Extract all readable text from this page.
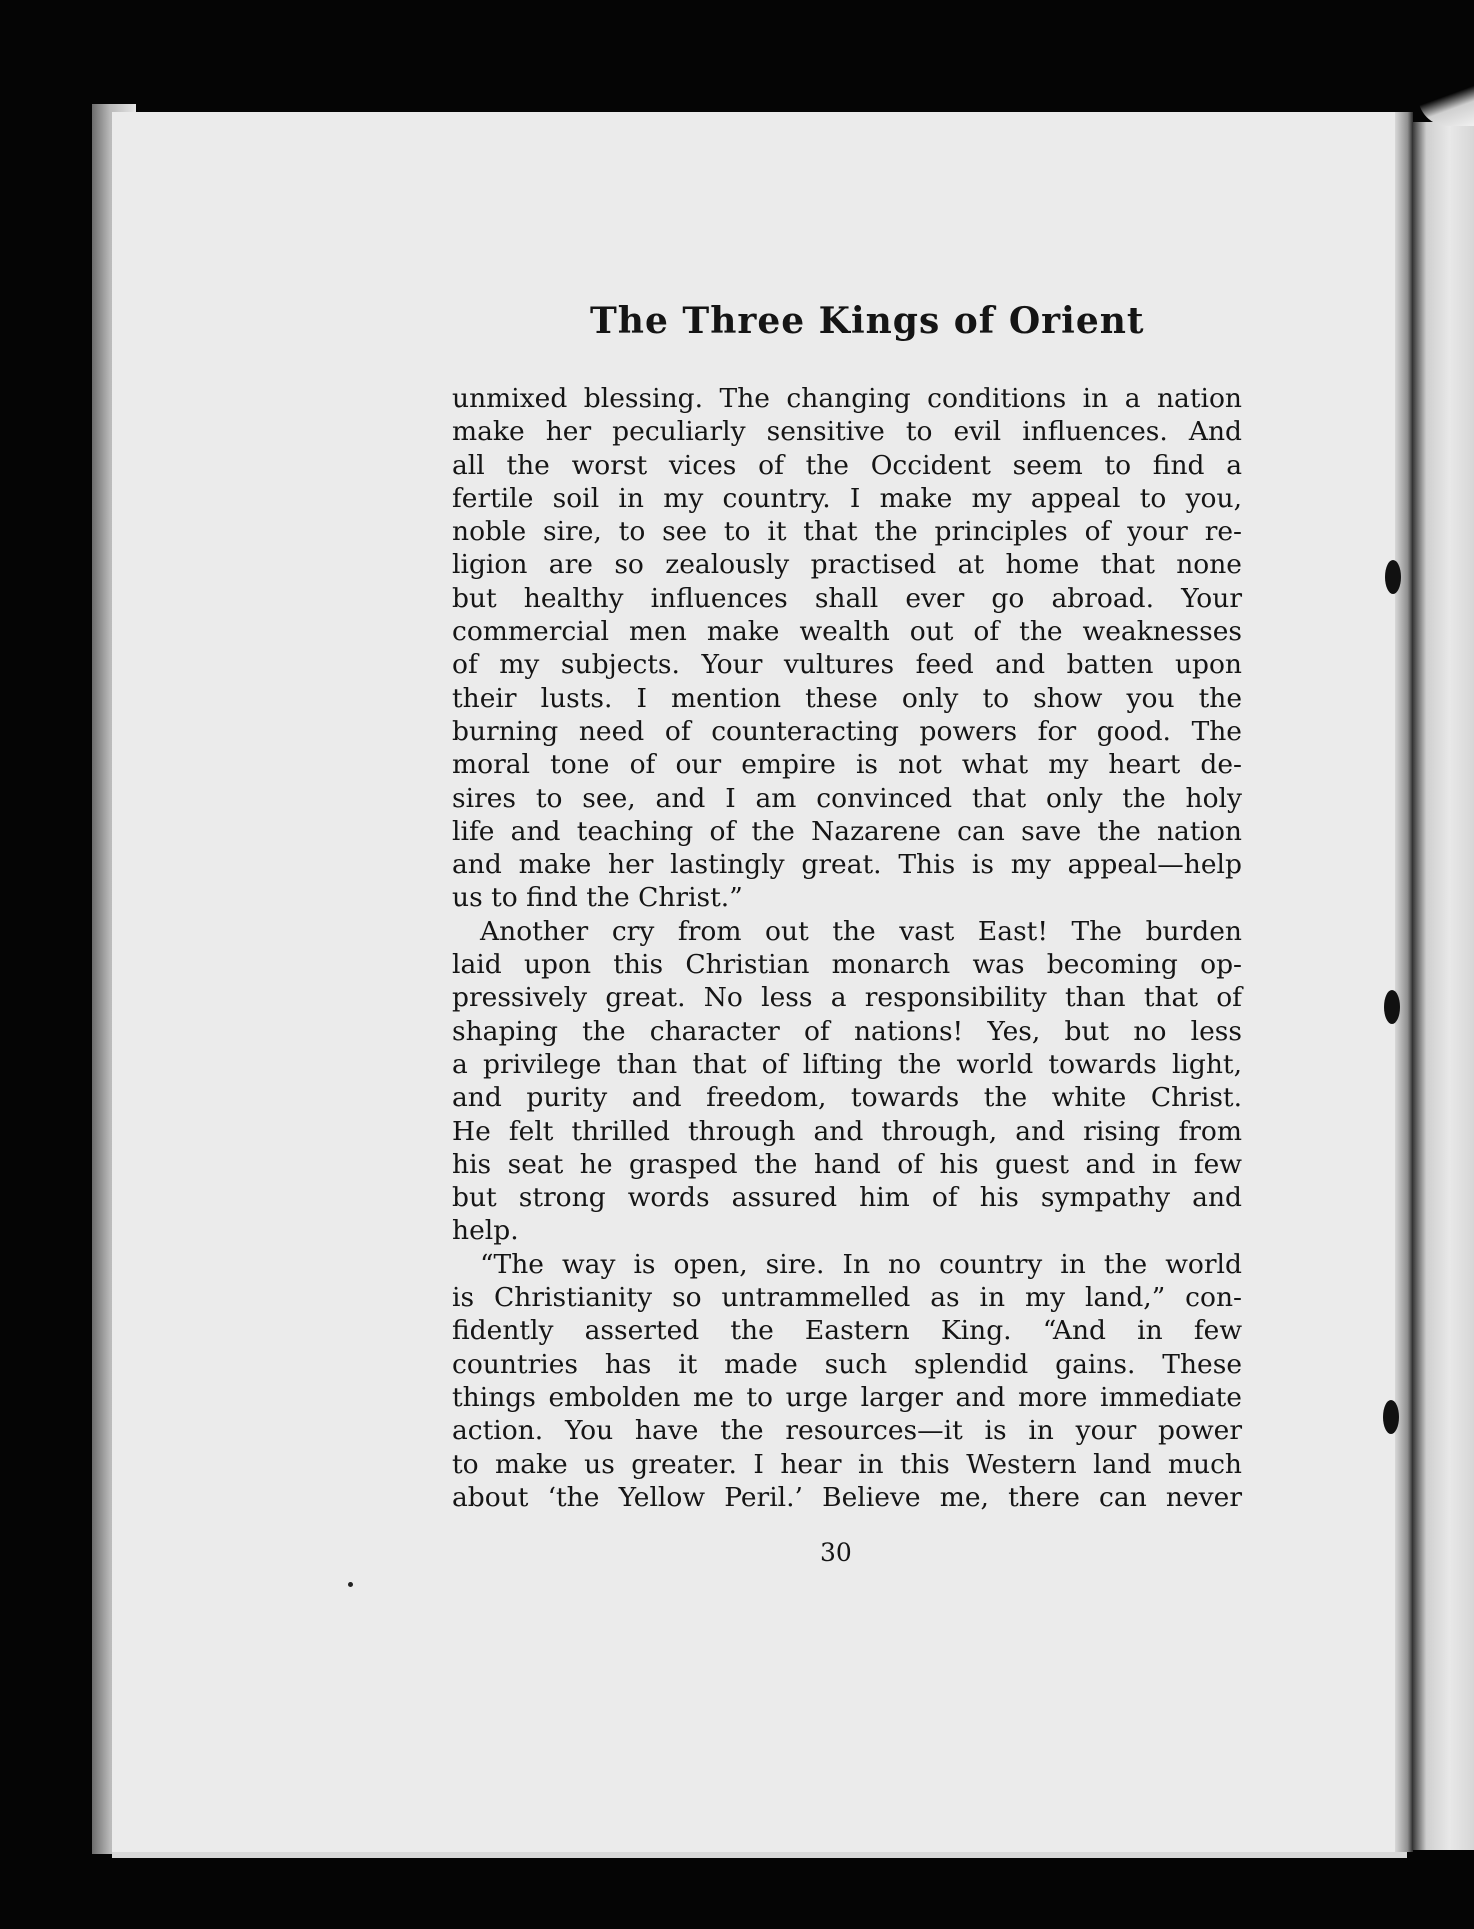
The Three Kings of Orient
unmixed blessing. The changing conditions in a nation
make her peculiarly sensitive to evil influences. And
all the worst vices of the Occident seem to find a
fertile soil in my country. I make my appeal to you,
noble sire, to see to it that the principles of your re-
ligion are so zealously practised at home that none
but healthy influences shall ever go abroad. Your
commercial men make wealth out of the weaknesses
of my subjects. Your vultures feed and batten upon
their lusts. I mention these only to show you the
burning need of counteracting powers for good. The
moral tone of our empire is not what my heart de-
sires to see, and I am convinced that only the holy
life and teaching of the Nazarene can save the nation
and make her lastingly great. This is my appeal—help
us to find the Christ.”
Another cry from out the vast East! The burden
laid upon this Christian monarch was becoming op-
pressively great. No less a responsibility than that of
shaping the character of nations! Yes, but no less
a privilege than that of lifting the world towards light,
and purity and freedom, towards the white Christ.
He felt thrilled through and through, and rising from
his seat he grasped the hand of his guest and in few
but strong words assured him of his sympathy and
help.
“The way is open, sire. In no country in the world
is Christianity so untrammelled as in my land,” con-
fidently asserted the Eastern King. “And in few
countries has it made such splendid gains. These
things embolden me to urge larger and more immediate
action. You have the resources—it is in your power
to make us greater. I hear in this Western land much
about ‘the Yellow Peril.’ Believe me, there can never
30
